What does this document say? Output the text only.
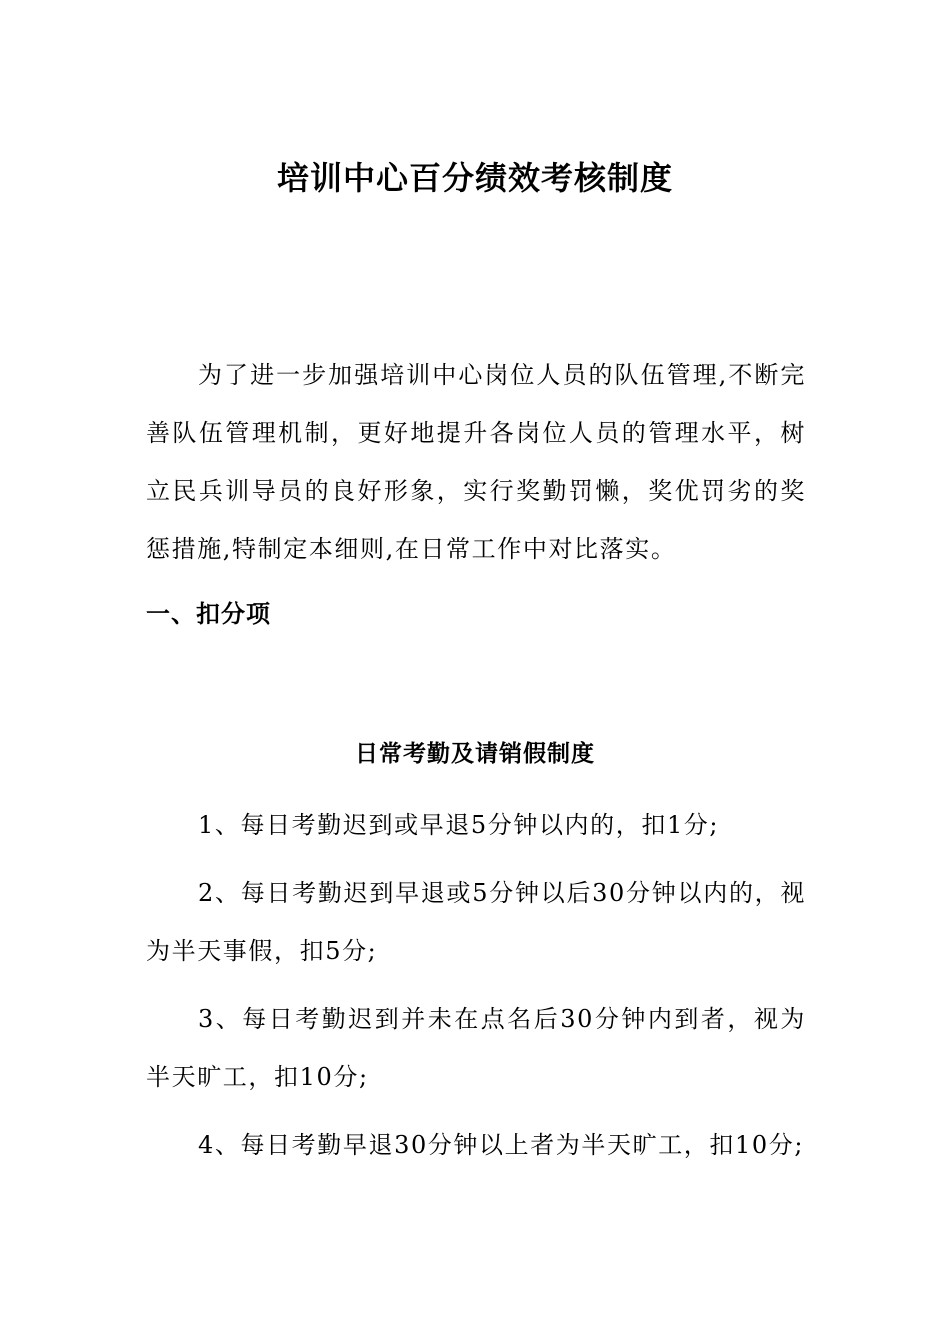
培训中心百分绩效考核制度

为了进一步加强培训中心岗位人员的队伍管理,不断完善队伍管理机制，更好地提升各岗位人员的管理水平，树立民兵训导员的良好形象，实行奖勤罚懒，奖优罚劣的奖惩措施,特制定本细则,在日常工作中对比落实。

一、扣分项
日常考勤及请销假制度
1、每日考勤迟到或早退5分钟以内的，扣1分;
2、每日考勤迟到早退或5分钟以后30分钟以内的，视为半天事假，扣5分;
3、每日考勤迟到并未在点名后30分钟内到者，视为半天旷工，扣10分;
4、每日考勤早退30分钟以上者为半天旷工，扣10分;
